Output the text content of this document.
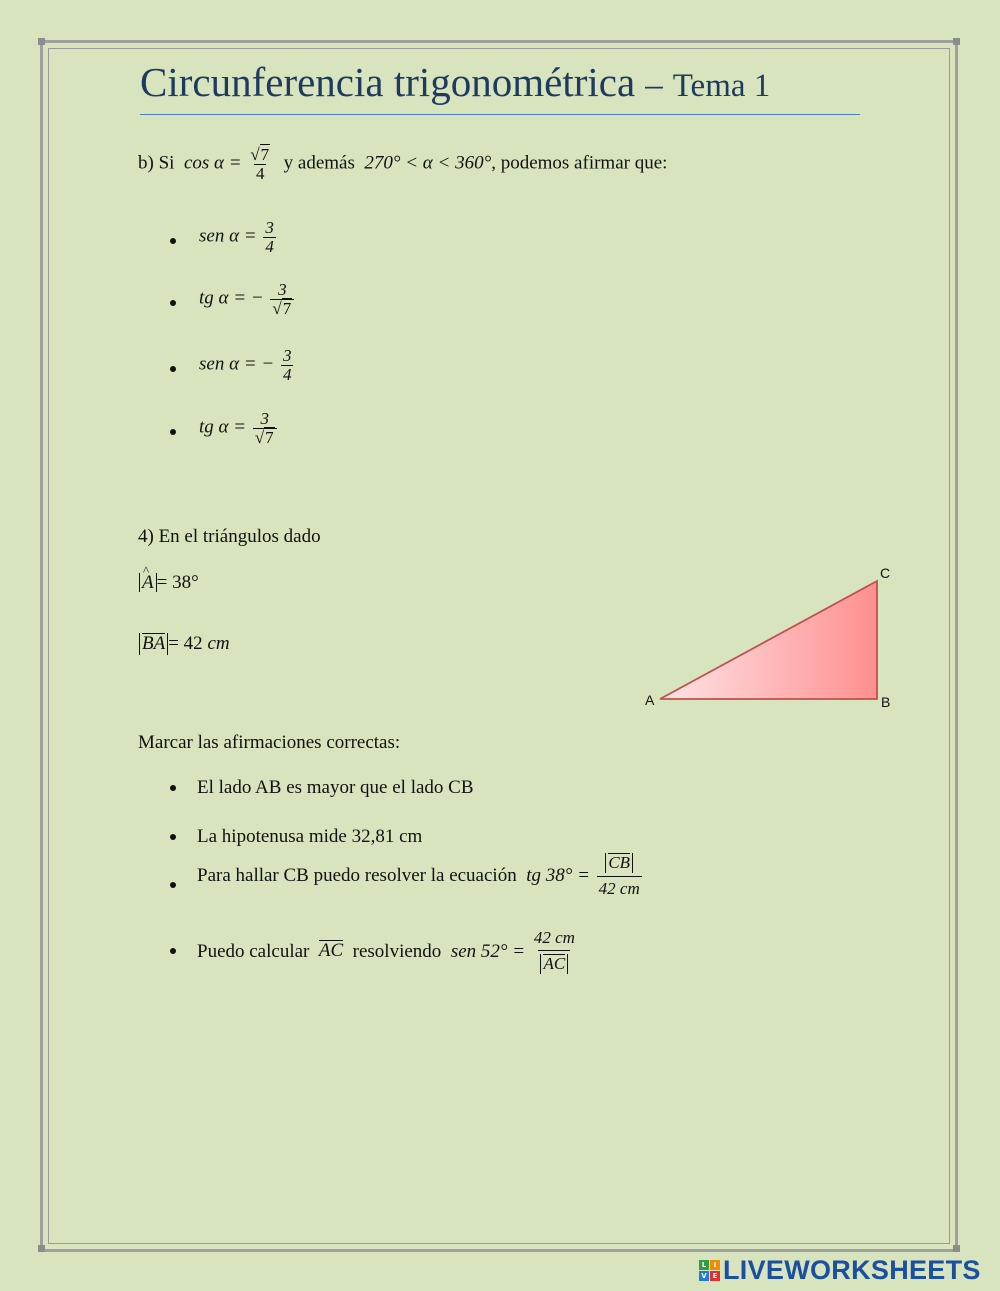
Circunferencia trigonométrica – Tema 1
b) Si $\cos \alpha = \frac{√7}{4}$ y además 270° < α < 360°, podemos afirmar que:
sen $\alpha = \frac{3}{4}$
tg α = − $\frac{3}{√7}$
sen α = − $\frac{3}{4}$
tg $\alpha = \frac{3}{√7}$
4) En el triángulos dado
^ A = 38°
BA = 42 cm
A	B
C
Marcar las afirmaciones correctas:
El lado AB es mayor que el lado CB
La hipotenusa mide 32,81 cm
Para hallar CB puedo resolver la ecuación tg $38^\circ = \frac{CB}{42 cm}$
Puedo calcular AC resolviendo sen $52^\circ = \frac{42 cm}{AC}$
L	I
V E LIVEWORKSHEETS
